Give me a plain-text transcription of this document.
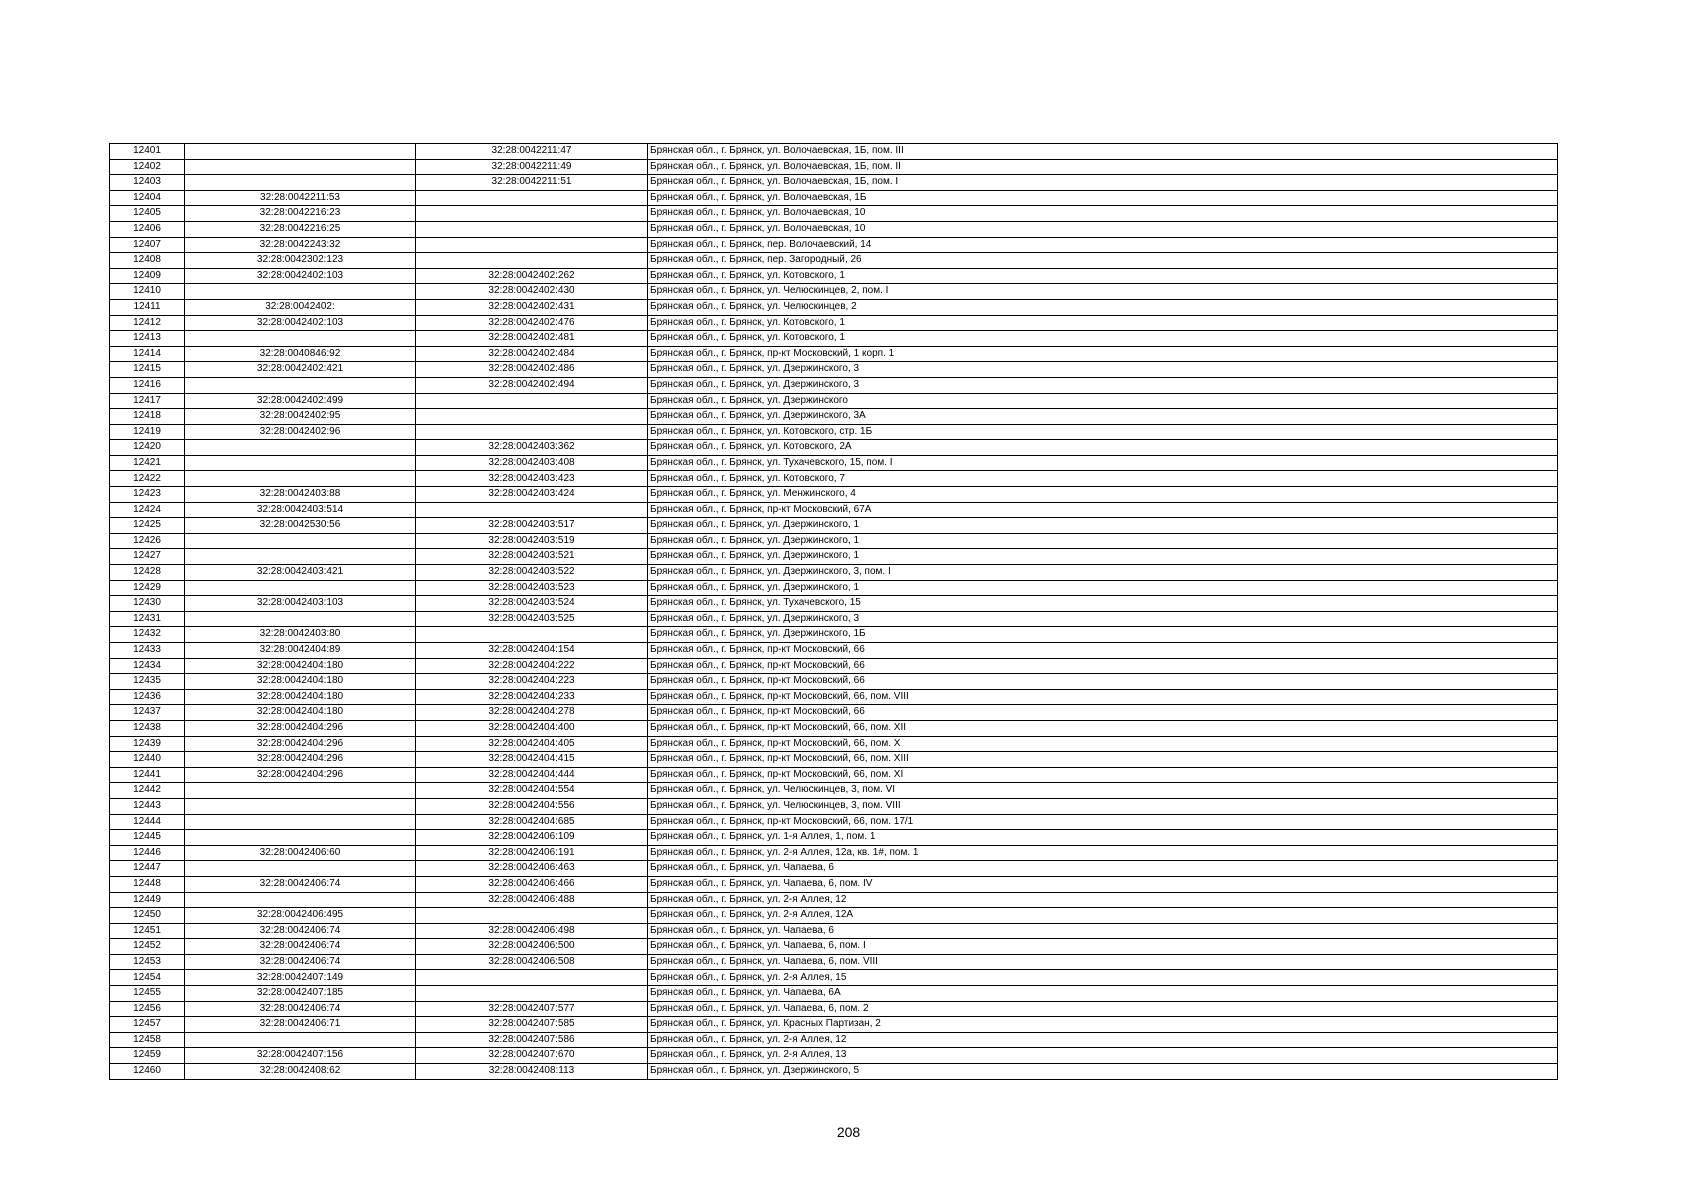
12401		32:28:0042211:47	Брянская обл., г. Брянск, ул. Волочаевская, 1Б, пом. III
12402		32:28:0042211:49	Брянская обл., г. Брянск, ул. Волочаевская, 1Б, пом. II
12403		32:28:0042211:51	Брянская обл., г. Брянск, ул. Волочаевская, 1Б, пом. I
12404	32:28:0042211:53		Брянская обл., г. Брянск, ул. Волочаевская, 1Б
12405	32:28:0042216:23		Брянская обл., г. Брянск, ул. Волочаевская, 10
12406	32:28:0042216:25		Брянская обл., г. Брянск, ул. Волочаевская, 10
12407	32:28:0042243:32		Брянская обл., г. Брянск, пер. Волочаевский, 14
12408	32:28:0042302:123		Брянская обл., г. Брянск, пер. Загородный, 26
12409	32:28:0042402:103	32:28:0042402:262	Брянская обл., г. Брянск, ул. Котовского, 1
12410		32:28:0042402:430	Брянская обл., г. Брянск, ул. Челюскинцев, 2, пом. I
12411	32:28:0042402:	32:28:0042402:431	Брянская обл., г. Брянск, ул. Челюскинцев, 2
12412	32:28:0042402:103	32:28:0042402:476	Брянская обл., г. Брянск, ул. Котовского, 1
12413		32:28:0042402:481	Брянская обл., г. Брянск, ул. Котовского, 1
12414	32:28:0040846:92	32:28:0042402:484	Брянская обл., г. Брянск, пр-кт Московский, 1 корп. 1
12415	32:28:0042402:421	32:28:0042402:486	Брянская обл., г. Брянск, ул. Дзержинского, 3
12416		32:28:0042402:494	Брянская обл., г. Брянск, ул. Дзержинского, 3
12417	32:28:0042402:499		Брянская обл., г. Брянск, ул. Дзержинского
12418	32:28:0042402:95		Брянская обл., г. Брянск, ул. Дзержинского, 3А
12419	32:28:0042402:96		Брянская обл., г. Брянск, ул. Котовского, стр. 1Б
12420		32:28:0042403:362	Брянская обл., г. Брянск, ул. Котовского, 2А
12421		32:28:0042403:408	Брянская обл., г. Брянск, ул. Тухачевского, 15, пом. I
12422		32:28:0042403:423	Брянская обл., г. Брянск, ул. Котовского, 7
12423	32:28:0042403:88	32:28:0042403:424	Брянская обл., г. Брянск, ул. Менжинского, 4
12424	32:28:0042403:514		Брянская обл., г. Брянск, пр-кт Московский, 67А
12425	32:28:0042530:56	32:28:0042403:517	Брянская обл., г. Брянск, ул. Дзержинского, 1
12426		32:28:0042403:519	Брянская обл., г. Брянск, ул. Дзержинского, 1
12427		32:28:0042403:521	Брянская обл., г. Брянск, ул. Дзержинского, 1
12428	32:28:0042403:421	32:28:0042403:522	Брянская обл., г. Брянск, ул. Дзержинского, 3, пом. I
12429		32:28:0042403:523	Брянская обл., г. Брянск, ул. Дзержинского, 1
12430	32:28:0042403:103	32:28:0042403:524	Брянская обл., г. Брянск, ул. Тухачевского, 15
12431		32:28:0042403:525	Брянская обл., г. Брянск, ул. Дзержинского, 3
12432	32:28:0042403:80		Брянская обл., г. Брянск, ул. Дзержинского, 1Б
12433	32:28:0042404:89	32:28:0042404:154	Брянская обл., г. Брянск, пр-кт Московский, 66
12434	32:28:0042404:180	32:28:0042404:222	Брянская обл., г. Брянск, пр-кт Московский, 66
12435	32:28:0042404:180	32:28:0042404:223	Брянская обл., г. Брянск, пр-кт Московский, 66
12436	32:28:0042404:180	32:28:0042404:233	Брянская обл., г. Брянск, пр-кт Московский, 66, пом. VIII
12437	32:28:0042404:180	32:28:0042404:278	Брянская обл., г. Брянск, пр-кт Московский, 66
12438	32:28:0042404:296	32:28:0042404:400	Брянская обл., г. Брянск, пр-кт Московский, 66, пом. XII
12439	32:28:0042404:296	32:28:0042404:405	Брянская обл., г. Брянск, пр-кт Московский, 66, пом. X
12440	32:28:0042404:296	32:28:0042404:415	Брянская обл., г. Брянск, пр-кт Московский, 66, пом. XIII
12441	32:28:0042404:296	32:28:0042404:444	Брянская обл., г. Брянск, пр-кт Московский, 66, пом. XI
12442		32:28:0042404:554	Брянская обл., г. Брянск, ул. Челюскинцев, 3, пом. VI
12443		32:28:0042404:556	Брянская обл., г. Брянск, ул. Челюскинцев, 3, пом. VIII
12444		32:28:0042404:685	Брянская обл., г. Брянск, пр-кт Московский, 66, пом. 17/1
12445		32:28:0042406:109	Брянская обл., г. Брянск, ул. 1-я Аллея, 1, пом. 1
12446	32:28:0042406:60	32:28:0042406:191	Брянская обл., г. Брянск, ул. 2-я Аллея, 12а, кв. 1#, пом. 1
12447		32:28:0042406:463	Брянская обл., г. Брянск, ул. Чапаева, 6
12448	32:28:0042406:74	32:28:0042406:466	Брянская обл., г. Брянск, ул. Чапаева, 6, пом. IV
12449		32:28:0042406:488	Брянская обл., г. Брянск, ул. 2-я Аллея, 12
12450	32:28:0042406:495		Брянская обл., г. Брянск, ул. 2-я Аллея, 12А
12451	32:28:0042406:74	32:28:0042406:498	Брянская обл., г. Брянск, ул. Чапаева, 6
12452	32:28:0042406:74	32:28:0042406:500	Брянская обл., г. Брянск, ул. Чапаева, 6, пом. I
12453	32:28:0042406:74	32:28:0042406:508	Брянская обл., г. Брянск, ул. Чапаева, 6, пом. VIII
12454	32:28:0042407:149		Брянская обл., г. Брянск, ул. 2-я Аллея, 15
12455	32:28:0042407:185		Брянская обл., г. Брянск, ул. Чапаева, 6А
12456	32:28:0042406:74	32:28:0042407:577	Брянская обл., г. Брянск, ул. Чапаева, 6, пом. 2
12457	32:28:0042406:71	32:28:0042407:585	Брянская обл., г. Брянск, ул. Красных Партизан, 2
12458		32:28:0042407:586	Брянская обл., г. Брянск, ул. 2-я Аллея, 12
12459	32:28:0042407:156	32:28:0042407:670	Брянская обл., г. Брянск, ул. 2-я Аллея, 13
12460	32:28:0042408:62	32:28:0042408:113	Брянская обл., г. Брянск, ул. Дзержинского, 5
208
